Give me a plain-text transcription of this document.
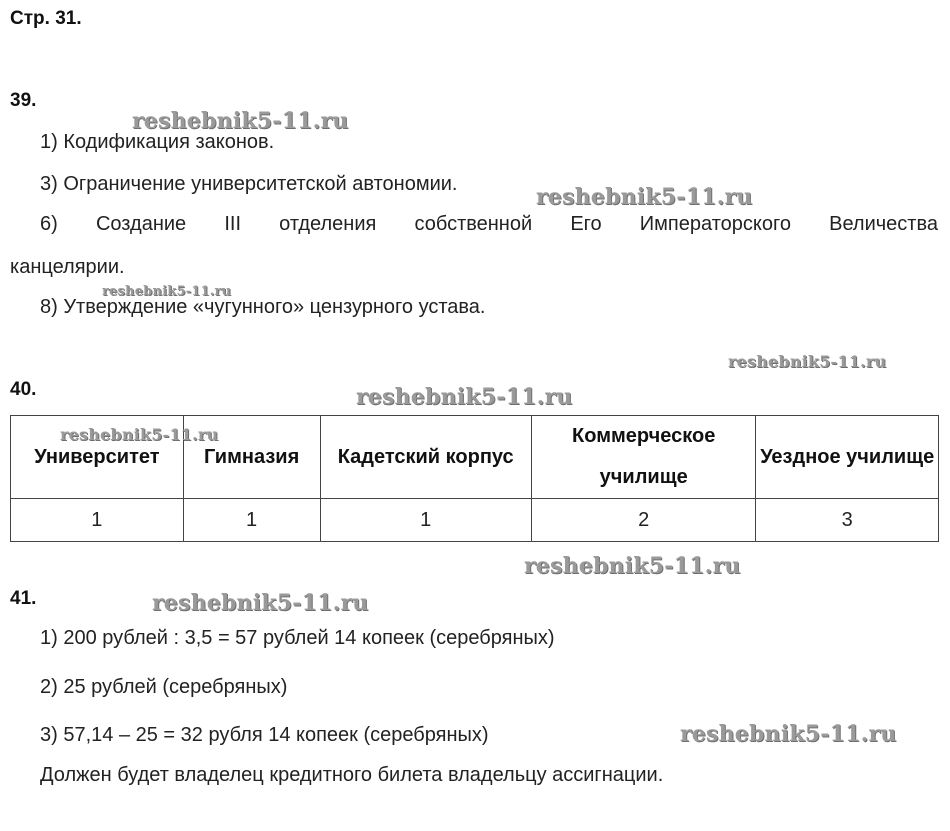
Стр. 31.
39.
1) Кодификация законов.
3) Ограничение университетской автономии.
6) Создание III отделения собственной Его Императорского Величества
канцелярии.
8) Утверждение «чугунного» цензурного устава.
40.
Университет	Гимназия	Кадетский корпус	Коммерческое училище	Уездное училище
1	1	1	2	3
41.
1) 200 рублей : 3,5 = 57 рублей 14 копеек (серебряных)
2) 25 рублей (серебряных)
3) 57,14 – 25 = 32 рубля 14 копеек (серебряных)
Должен будет владелец кредитного билета владельцу ассигнации.
reshebnik5-11.ru
reshebnik5-11.ru
reshebnik5-11.ru
reshebnik5-11.ru
reshebnik5-11.ru
reshebnik5-11.ru
reshebnik5-11.ru
reshebnik5-11.ru
reshebnik5-11.ru
